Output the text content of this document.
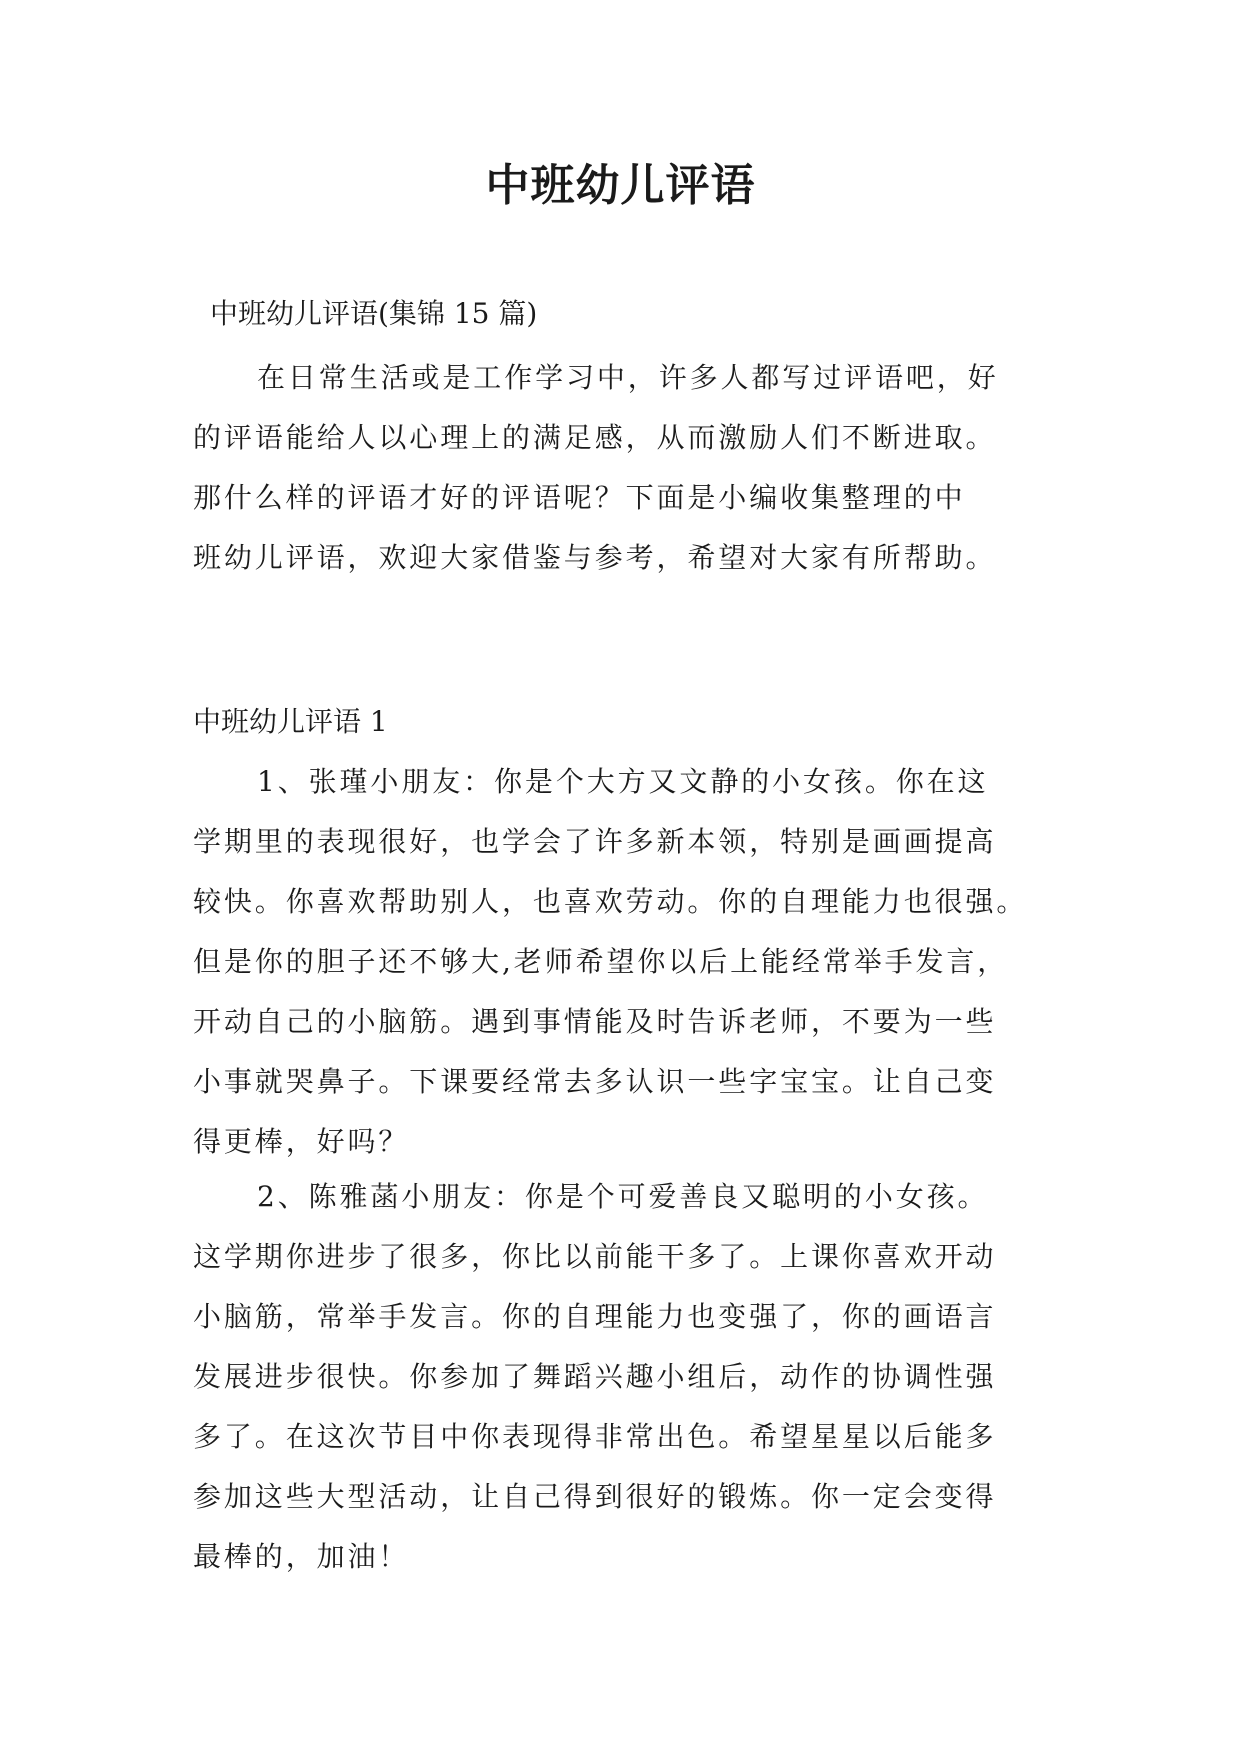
中班幼儿评语
中班幼儿评语(集锦 15 篇)
在日常生活或是工作学习中，许多人都写过评语吧，好
的评语能给人以心理上的满足感，从而激励人们不断进取。
那什么样的评语才好的评语呢？下面是小编收集整理的中
班幼儿评语，欢迎大家借鉴与参考，希望对大家有所帮助。
中班幼儿评语 1
1、张瑾小朋友：你是个大方又文静的小女孩。你在这
学期里的表现很好，也学会了许多新本领，特别是画画提高
较快。你喜欢帮助别人，也喜欢劳动。你的自理能力也很强。
但是你的胆子还不够大,老师希望你以后上能经常举手发言，
开动自己的小脑筋。遇到事情能及时告诉老师，不要为一些
小事就哭鼻子。下课要经常去多认识一些字宝宝。让自己变
得更棒，好吗？
2、陈雅菡小朋友：你是个可爱善良又聪明的小女孩。
这学期你进步了很多，你比以前能干多了。上课你喜欢开动
小脑筋，常举手发言。你的自理能力也变强了，你的画语言
发展进步很快。你参加了舞蹈兴趣小组后，动作的协调性强
多了。在这次节目中你表现得非常出色。希望星星以后能多
参加这些大型活动，让自己得到很好的锻炼。你一定会变得
最棒的，加油！
